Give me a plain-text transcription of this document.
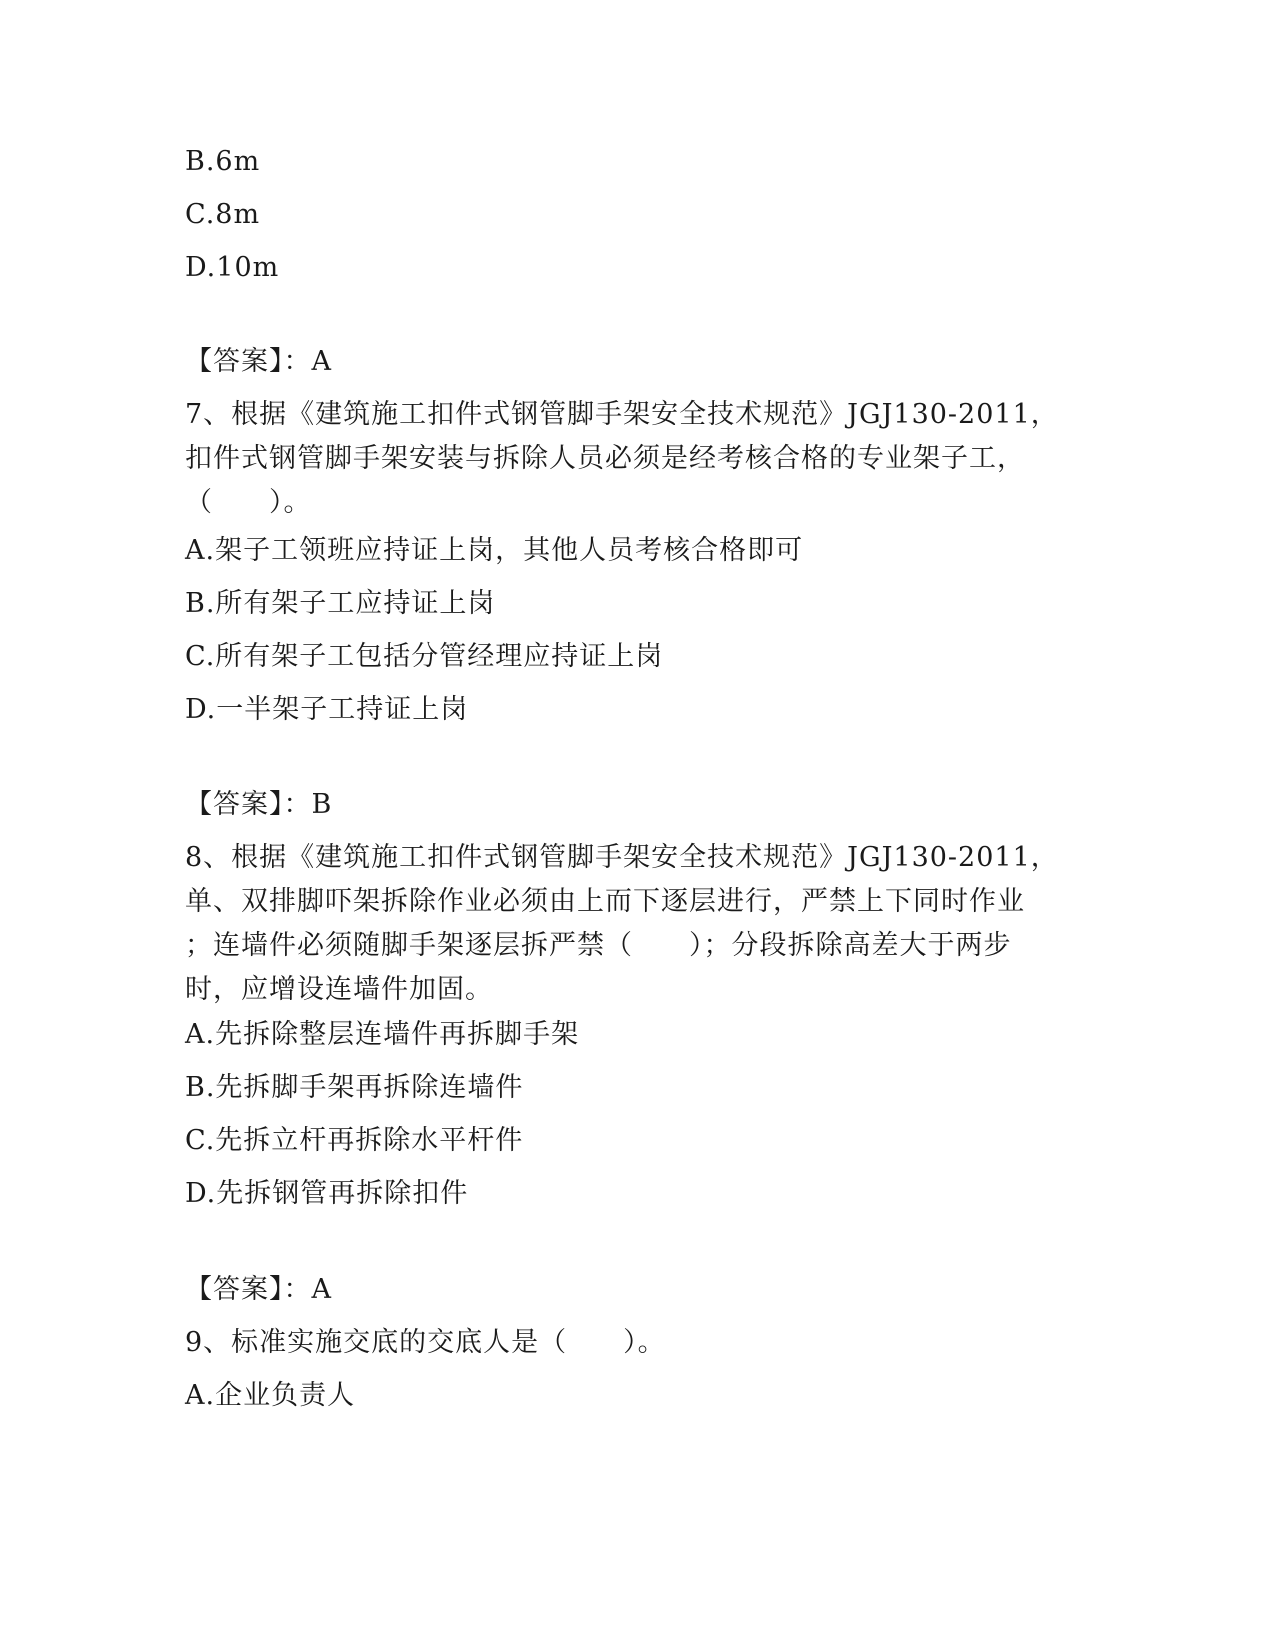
B.6m
C.8m
D.10m
【答案】：A
7、根据《建筑施工扣件式钢管脚手架安全技术规范》JGJ130-2011，
扣件式钢管脚手架安装与拆除人员必须是经考核合格的专业架子工，
（　　）。
A.架子工领班应持证上岗，其他人员考核合格即可
B.所有架子工应持证上岗
C.所有架子工包括分管经理应持证上岗
D.一半架子工持证上岗
【答案】：B
8、根据《建筑施工扣件式钢管脚手架安全技术规范》JGJ130-2011，
单、双排脚吓架拆除作业必须由上而下逐层进行，严禁上下同时作业
；连墙件必须随脚手架逐层拆严禁（　　）；分段拆除高差大于两步
时，应增设连墙件加固。
A.先拆除整层连墙件再拆脚手架
B.先拆脚手架再拆除连墙件
C.先拆立杆再拆除水平杆件
D.先拆钢管再拆除扣件
【答案】：A
9、标准实施交底的交底人是（　　）。
A.企业负责人
